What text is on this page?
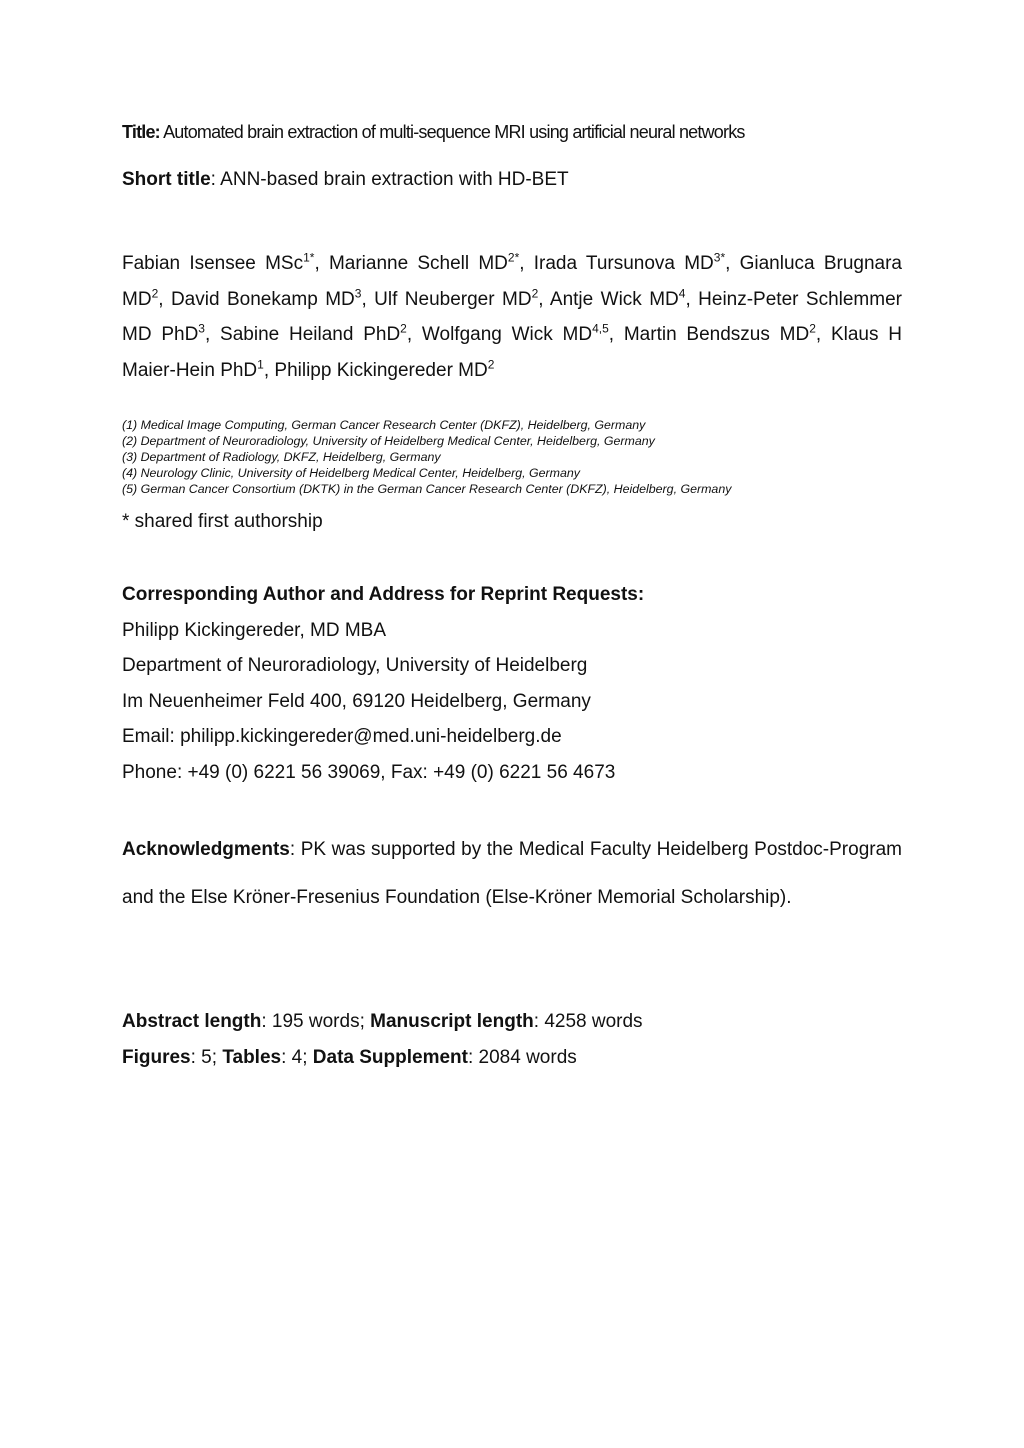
Title: Automated brain extraction of multi-sequence MRI using artificial neural networks
Short title: ANN-based brain extraction with HD-BET
Fabian Isensee MSc$^{1*}$, Marianne Schell $MD^{2*}$, Irada Tursunova $MD^{3*}$, Gianluca Brugnara $MD^2$, David Bonekamp $MD^3$, Ulf Neuberger $MD^2$, Antje Wick $MD^4$, Heinz-Peter Schlemmer MD PhD$^3$, Sabine Heiland PhD$^2$, Wolfgang Wick MD$^{4,5}$, Martin Bendszus $MD^2$, Klaus H Maier-Hein PhD$^1$, Philipp Kickingereder $MD^2$
(1) Medical Image Computing, German Cancer Research Center (DKFZ), Heidelberg, Germany
(2) Department of Neuroradiology, University of Heidelberg Medical Center, Heidelberg, Germany
(3) Department of Radiology, DKFZ, Heidelberg, Germany
(4) Neurology Clinic, University of Heidelberg Medical Center, Heidelberg, Germany
(5) German Cancer Consortium (DKTK) in the German Cancer Research Center (DKFZ), Heidelberg, Germany
* shared first authorship
Corresponding Author and Address for Reprint Requests:
Philipp Kickingereder, MD MBA
Department of Neuroradiology, University of Heidelberg
Im Neuenheimer Feld 400, 69120 Heidelberg, Germany
Email: philipp.kickingereder@med.uni-heidelberg.de
Phone: +49 (0) 6221 56 39069, Fax: +49 (0) 6221 56 4673
Acknowledgments: PK was supported by the Medical Faculty Heidelberg Postdoc-Program and the Else Kröner-Fresenius Foundation (Else-Kröner Memorial Scholarship).
Abstract length: 195 words; Manuscript length: 4258 words
Figures: 5; Tables: 4; Data Supplement: 2084 words
